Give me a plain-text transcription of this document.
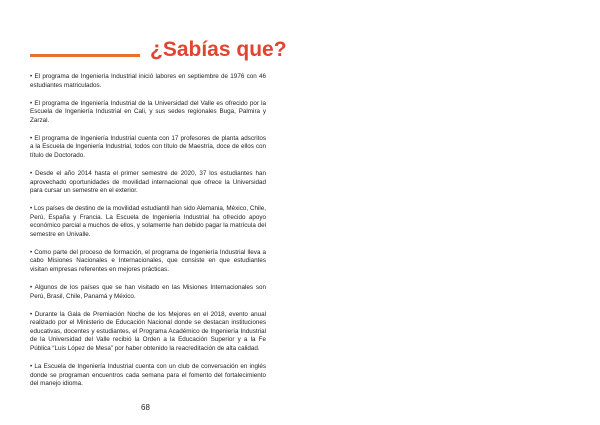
¿Sabías que?

• El programa de Ingeniería Industrial inició labores en septiembre de 1976 con 46 estudiantes matriculados.

• El programa de Ingeniería Industrial de la Universidad del Valle es ofrecido por la Escuela de Ingeniería Industrial en Cali, y sus sedes regionales Buga, Palmira y Zarzal.

• El programa de Ingeniería Industrial cuenta con 17 profesores de planta adscritos a la Escuela de Ingeniería Industrial, todos con título de Maestría, doce de ellos con título de Doctorado.

• Desde el año 2014 hasta el primer semestre de 2020, 37 los estudiantes han aprovechado oportunidades de movilidad internacional que ofrece la Universidad para cursar un semestre en el exterior.

• Los países de destino de la movilidad estudiantil han sido Alemania, México, Chile, Perú, España y Francia. La Escuela de Ingeniería Industrial ha ofrecido apoyo económico parcial a muchos de ellos, y solamente han debido pagar la matrícula del semestre en Univalle.

• Como parte del proceso de formación, el programa de Ingeniería Industrial lleva a cabo Misiones Nacionales e Internacionales, que consiste en que estudiantes visitan empresas referentes en mejores prácticas.

• Algunos de los países que se han visitado en las Misiones Internacionales son Perú, Brasil, Chile, Panamá y México.

• Durante la Gala de Premiación Noche de los Mejores en el 2018, evento anual realizado por el Ministerio de Educación Nacional donde se destacan instituciones educativas, docentes y estudiantes, el Programa Académico de Ingeniería Industrial de la Universidad del Valle recibió la Orden a la Educación Superior y a la Fe Pública “Luis López de Mesa” por haber obtenido la reacreditación de alta calidad.

• La Escuela de Ingeniería Industrial cuenta con un club de conversación en inglés donde se programan encuentros cada semana para el fomento del fortalecimiento del manejo idioma.

68
